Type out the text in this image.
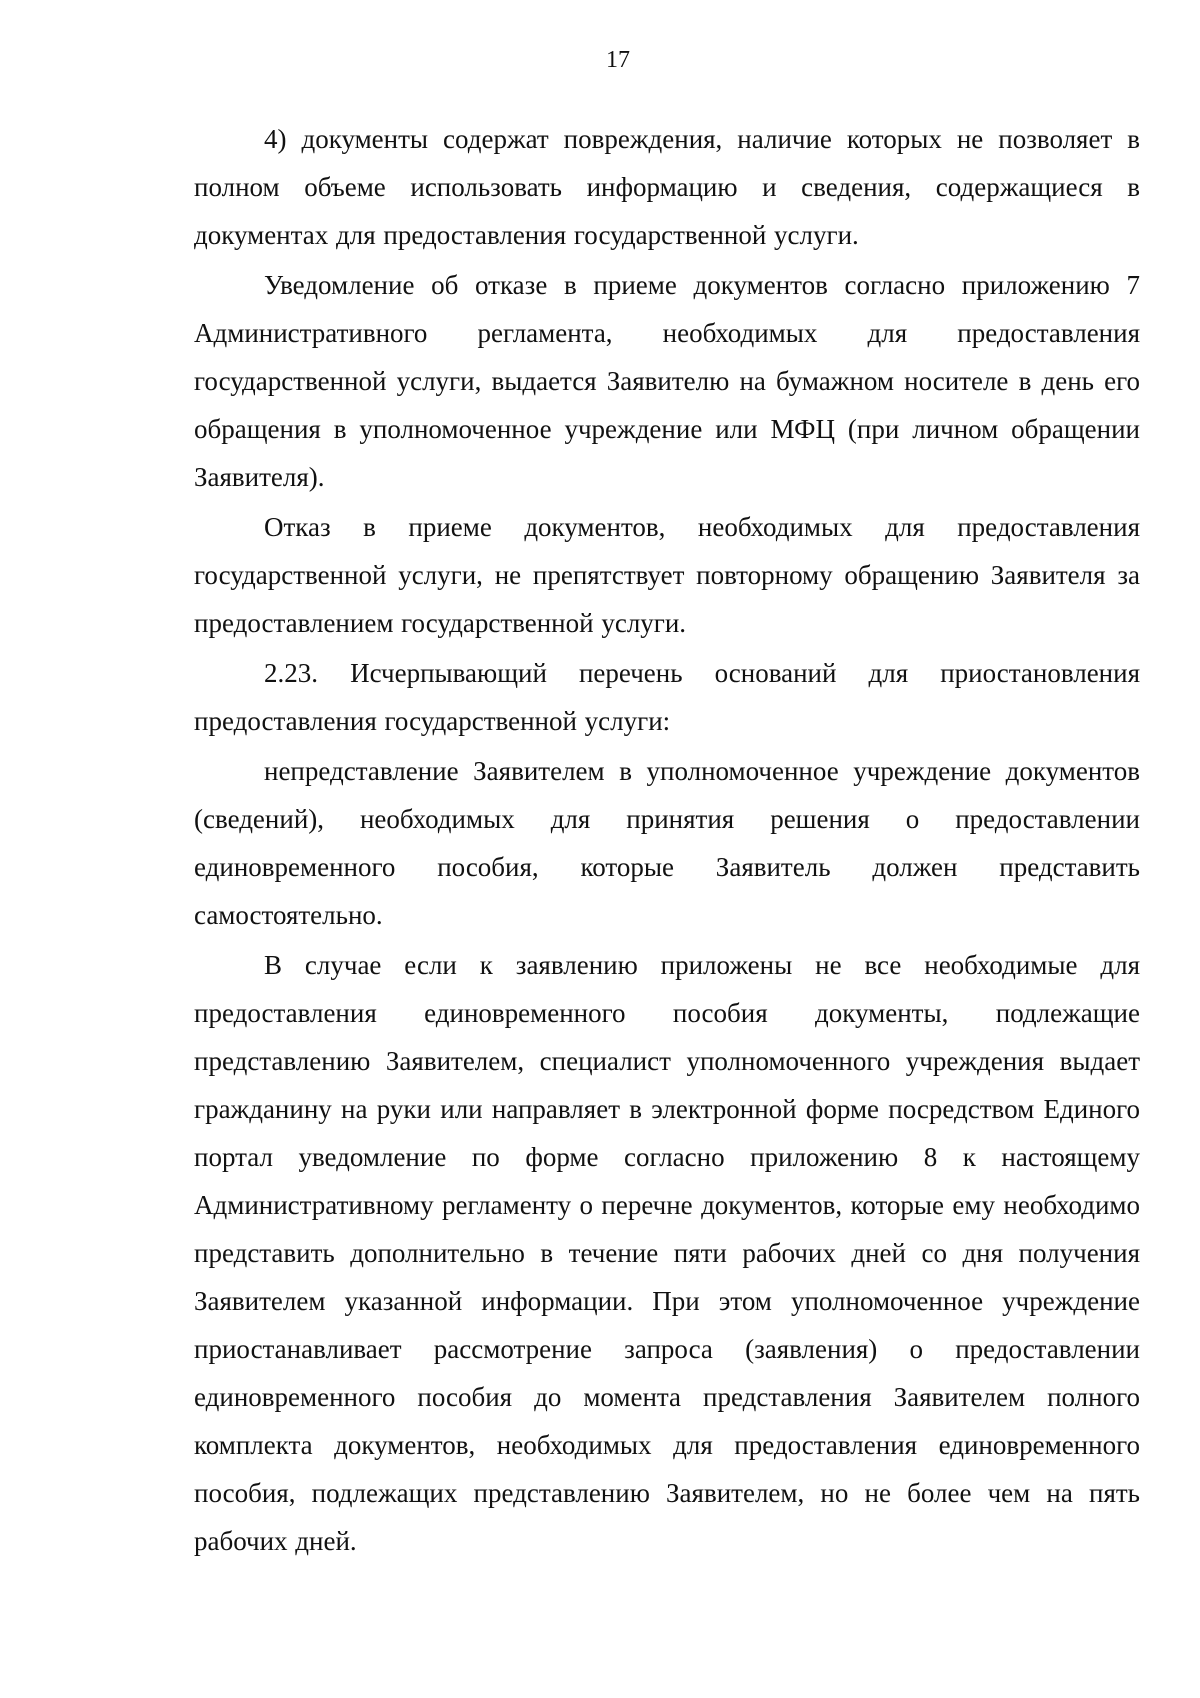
17

4) документы содержат повреждения, наличие которых не позволяет в полном объеме использовать информацию и сведения, содержащиеся в документах для предоставления государственной услуги.

Уведомление об отказе в приеме документов согласно приложению 7 Административного регламента, необходимых для предоставления государственной услуги, выдается Заявителю на бумажном носителе в день его обращения в уполномоченное учреждение или МФЦ (при личном обращении Заявителя).

Отказ в приеме документов, необходимых для предоставления государственной услуги, не препятствует повторному обращению Заявителя за предоставлением государственной услуги.

2.23. Исчерпывающий перечень оснований для приостановления предоставления государственной услуги:

непредставление Заявителем в уполномоченное учреждение документов (сведений), необходимых для принятия решения о предоставлении единовременного пособия, которые Заявитель должен представить самостоятельно.

В случае если к заявлению приложены не все необходимые для предоставления единовременного пособия документы, подлежащие представлению Заявителем, специалист уполномоченного учреждения выдает гражданину на руки или направляет в электронной форме посредством Единого портал уведомление по форме согласно приложению 8 к настоящему Административному регламенту о перечне документов, которые ему необходимо представить дополнительно в течение пяти рабочих дней со дня получения Заявителем указанной информации. При этом уполномоченное учреждение приостанавливает рассмотрение запроса (заявления) о предоставлении единовременного пособия до момента представления Заявителем полного комплекта документов, необходимых для предоставления единовременного пособия, подлежащих представлению Заявителем, но не более чем на пять рабочих дней.
